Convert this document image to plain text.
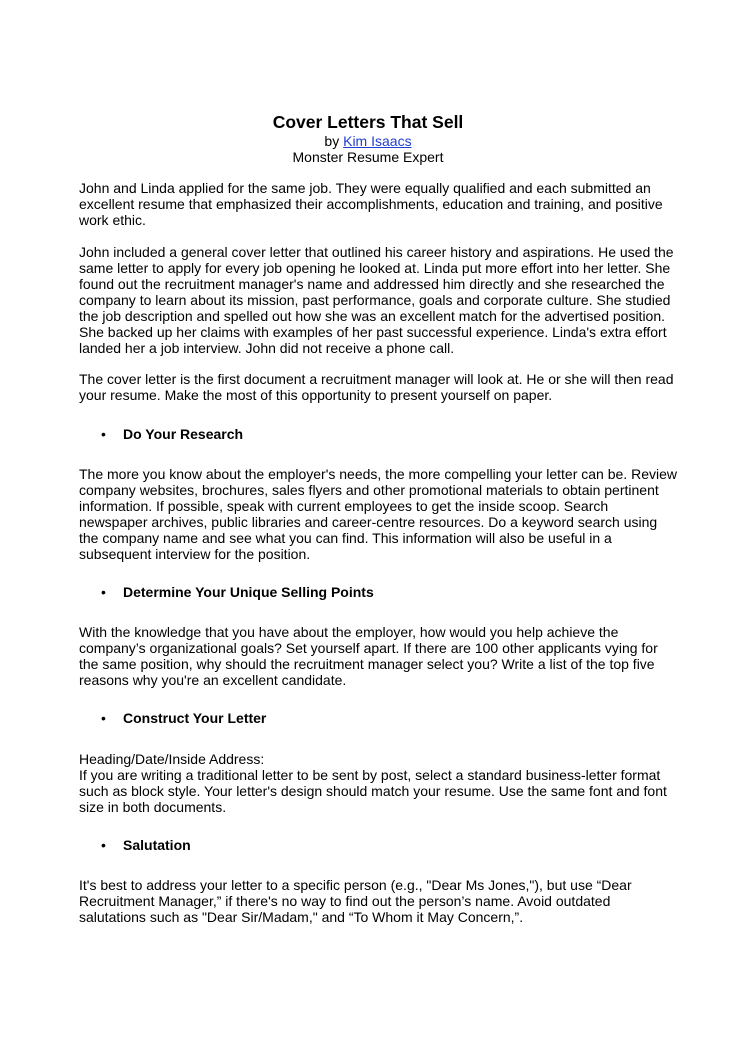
Cover Letters That Sell
by Kim Isaacs
Monster Resume Expert

John and Linda applied for the same job. They were equally qualified and each submitted an excellent resume that emphasized their accomplishments, education and training, and positive work ethic.

John included a general cover letter that outlined his career history and aspirations. He used the same letter to apply for every job opening he looked at. Linda put more effort into her letter. She found out the recruitment manager's name and addressed him directly and she researched the company to learn about its mission, past performance, goals and corporate culture. She studied the job description and spelled out how she was an excellent match for the advertised position. She backed up her claims with examples of her past successful experience. Linda's extra effort landed her a job interview. John did not receive a phone call.

The cover letter is the first document a recruitment manager will look at. He or she will then read your resume. Make the most of this opportunity to present yourself on paper.

• Do Your Research

The more you know about the employer's needs, the more compelling your letter can be. Review company websites, brochures, sales flyers and other promotional materials to obtain pertinent information. If possible, speak with current employees to get the inside scoop. Search newspaper archives, public libraries and career-centre resources. Do a keyword search using the company name and see what you can find. This information will also be useful in a subsequent interview for the position.

• Determine Your Unique Selling Points

With the knowledge that you have about the employer, how would you help achieve the company’s organizational goals? Set yourself apart. If there are 100 other applicants vying for the same position, why should the recruitment manager select you? Write a list of the top five reasons why you're an excellent candidate.

• Construct Your Letter

Heading/Date/Inside Address:

If you are writing a traditional letter to be sent by post, select a standard business-letter format such as block style. Your letter's design should match your resume. Use the same font and font size in both documents.

• Salutation

It's best to address your letter to a specific person (e.g., "Dear Ms Jones,"), but use “Dear Recruitment Manager,” if there's no way to find out the person’s name. Avoid outdated salutations such as "Dear Sir/Madam," and “To Whom it May Concern,”.
